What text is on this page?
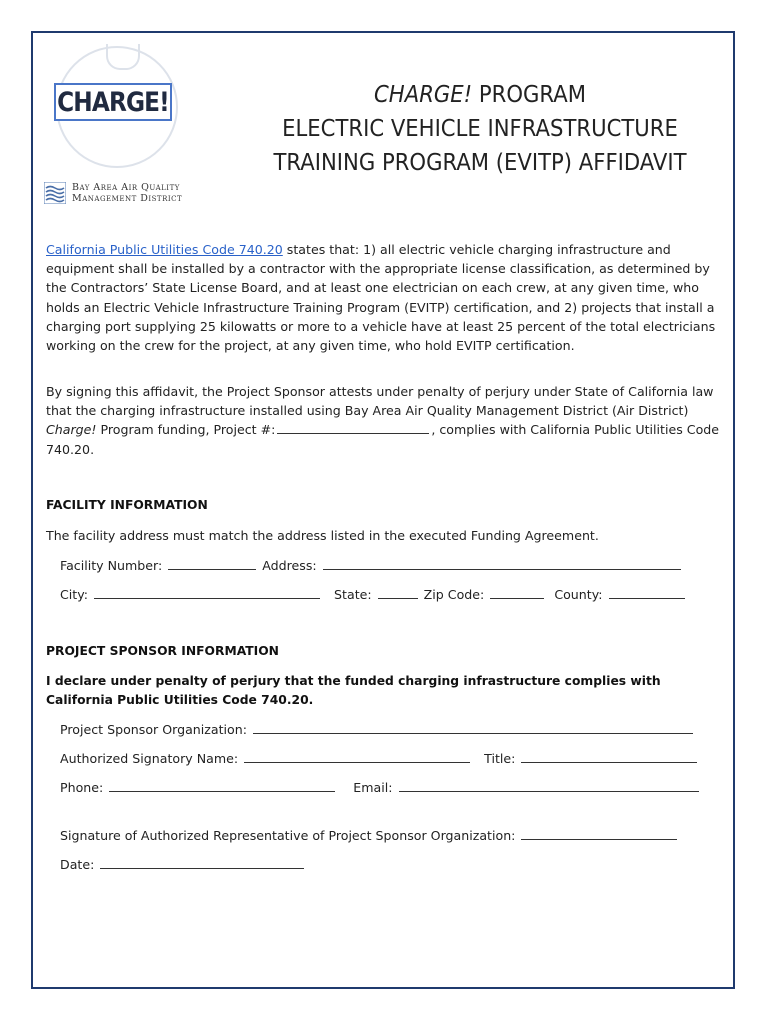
CHARGE!
Bay Area Air Quality
Management District
CHARGE! PROGRAM
ELECTRIC VEHICLE INFRASTRUCTURE
TRAINING PROGRAM (EVITP) AFFIDAVIT
California Public Utilities Code 740.20 states that: 1) all electric vehicle charging infrastructure and equipment shall be installed by a contractor with the appropriate license classification, as determined by the Contractors’ State License Board, and at least one electrician on each crew, at any given time, who holds an Electric Vehicle Infrastructure Training Program (EVITP) certification, and 2) projects that install a charging port supplying 25 kilowatts or more to a vehicle have at least 25 percent of the total electricians working on the crew for the project, at any given time, who hold EVITP certification.
By signing this affidavit, the Project Sponsor attests under penalty of perjury under State of California law that the charging infrastructure installed using Bay Area Air Quality Management District (Air District) Charge! Program funding, Project #:	, complies with California Public Utilities Code 740.20.
FACILITY INFORMATION
The facility address must match the address listed in the executed Funding Agreement.
Facility Number:	Address:
City:	State:	Zip Code:	County:
PROJECT SPONSOR INFORMATION
I declare under penalty of perjury that the funded charging infrastructure complies with California Public Utilities Code 740.20.
Project Sponsor Organization:
Authorized Signatory Name:	Title:
Phone:	Email:
Signature of Authorized Representative of Project Sponsor Organization:
Date:
